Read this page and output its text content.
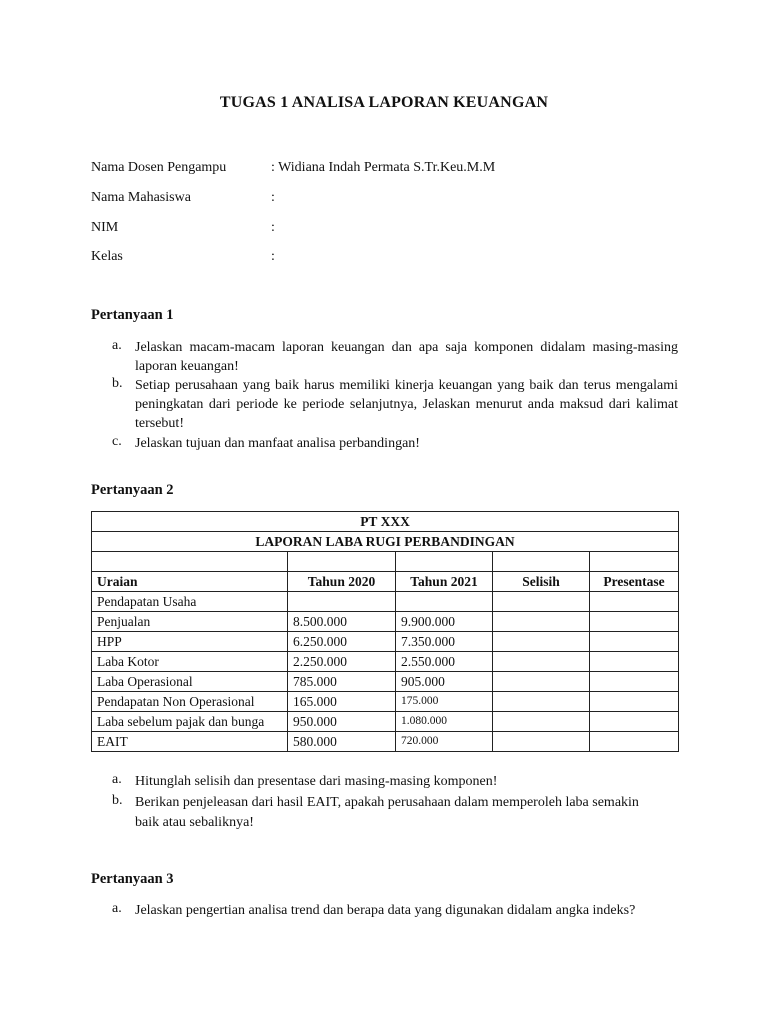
TUGAS 1 ANALISA LAPORAN KEUANGAN
Nama Dosen Pengampu	: Widiana Indah Permata S.Tr.Keu.M.M
Nama Mahasiswa	:
NIM	:
Kelas	:
Pertanyaan 1
a. Jelaskan macam-macam laporan keuangan dan apa saja komponen didalam masing-masing laporan keuangan!
b. Setiap perusahaan yang baik harus memiliki kinerja keuangan yang baik dan terus mengalami peningkatan dari periode ke periode selanjutnya, Jelaskan menurut anda maksud dari kalimat tersebut!
c. Jelaskan tujuan dan manfaat analisa perbandingan!
Pertanyaan 2
PT XXX				
LAPORAN LABA RUGI PERBANDINGAN				

Uraian	Tahun 2020	Tahun 2021	Selisih	Presentase
Pendapatan Usaha				
Penjualan	8.500.000	9.900.000		
HPP	6.250.000	7.350.000		
Laba Kotor	2.250.000	2.550.000		
Laba Operasional	785.000	905.000		
Pendapatan Non Operasional	165.000	175.000		
Laba sebelum pajak dan bunga	950.000	1.080.000		
EAIT	580.000	720.000		
a. Hitunglah selisih dan presentase dari masing-masing komponen!
b. Berikan penjeleasan dari hasil EAIT, apakah perusahaan dalam memperoleh laba semakin baik atau sebaliknya!
Pertanyaan 3
a. Jelaskan pengertian analisa trend dan berapa data yang digunakan didalam angka indeks?
